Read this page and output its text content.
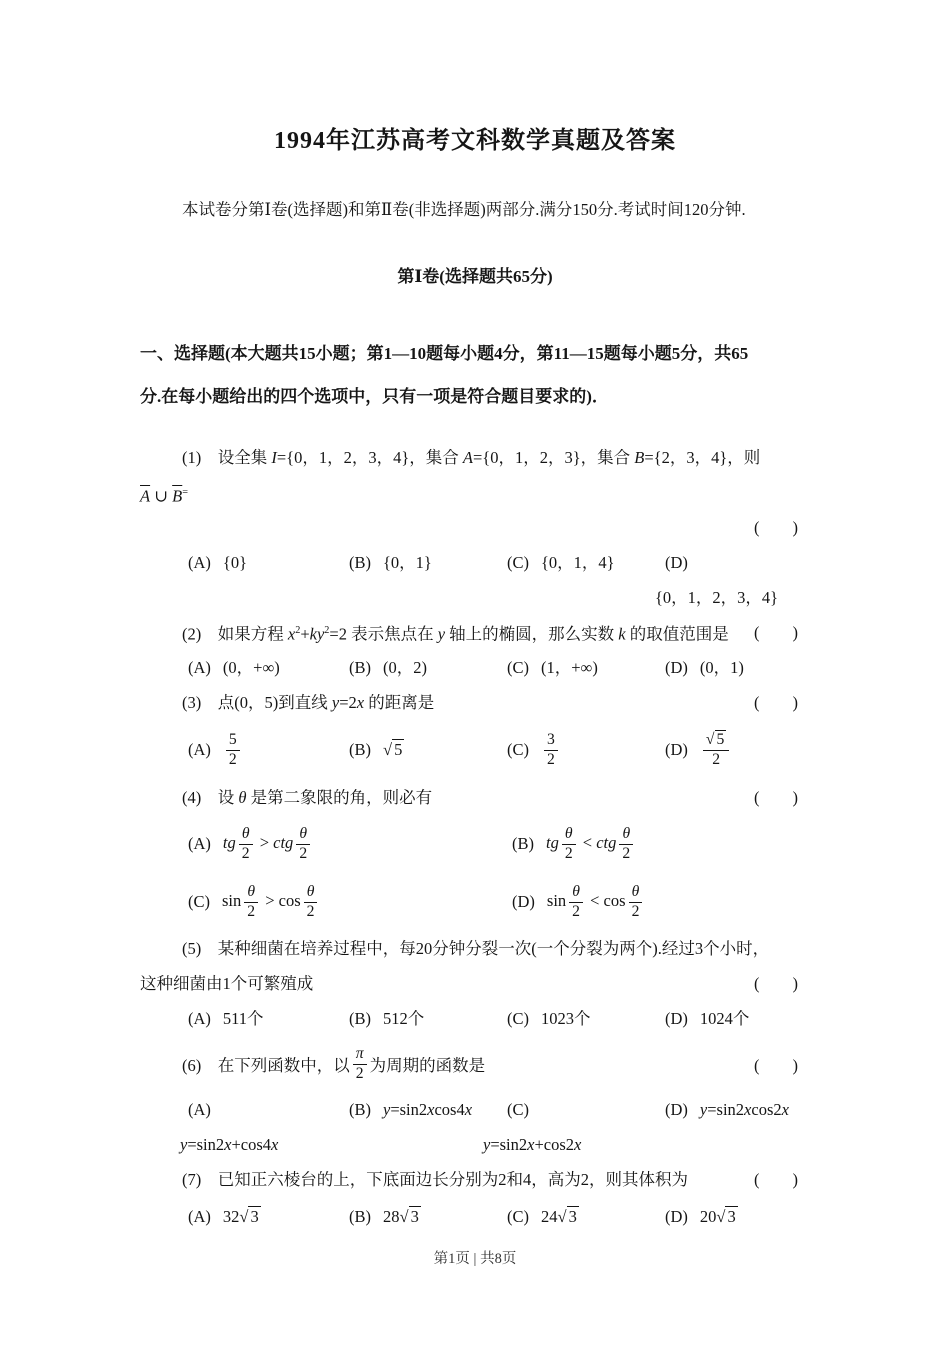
1994年江苏高考文科数学真题及答案
本试卷分第Ⅰ卷(选择题)和第Ⅱ卷(非选择题)两部分.满分150分.考试时间120分钟.
第Ⅰ卷(选择题共65分)
一、选择题(本大题共15小题；第1—10题每小题4分，第11—15题每小题5分，共65
分.在每小题给出的四个选项中，只有一项是符合题目要求的)．
(1)　设全集 I={0，1，2，3，4}，集合 A={0，1，2，3}，集合 B={2，3，4}，则
$\overline{A}$ ∪ $\overline{B}^=$
(　　)
(A) {0}	(B) {0，1}	(C) {0，1，4}	(D)
{0，1，2，3，4}
(2)　如果方程 $x^2+ky^2=2$ 表示焦点在 y 轴上的椭圆，那么实数 k 的取值范围是 (　　)
(A) (0，+∞)	(B) (0，2)	(C) (1，+∞)	(D) (0，1)
(3)　点(0，5)到直线 y=2x 的距离是	(　　)
$(A) \frac{5}{2}$	(B) √ 5	$(C) \frac{3}{2}$	$(D) \frac{√ 5}{2}$
(4)　设 θ 是第二象限的角，则必有	(　　)
(A) tg $\frac{\theta}{2}$ > ctg $\frac{\theta}{2}$	(B) tg $\frac{\theta}{2}$ < ctg $\frac{\theta}{2}$
(C) $\sin \frac{\theta}{2} > \cos \frac{\theta}{2}$	(D) $\sin \frac{\theta}{2} < \cos \frac{\theta}{2}$
(5)　某种细菌在培养过程中，每20分钟分裂一次(一个分裂为两个).经过3个小时，
这种细菌由1个可繁殖成	(　　)
(A) 511个	(B) 512个	(C) 1023个	(D) 1024个
(6)　在下列函数中，以 $\frac{\pi}{2}$ 为周期的函数是	(　　)
(A)	(B) y=sin2xcos4x (C)	(D) y=sin2xcos2x
y=sin2x+cos4x	y=sin2x+cos2x
(7)　已知正六棱台的上，下底面边长分别为2和4，高为2，则其体积为	(　　)
(A) 32√ 3	(B) 28√ 3	(C) 24√ 3	(D) 20√ 3
第1页 | 共8页
